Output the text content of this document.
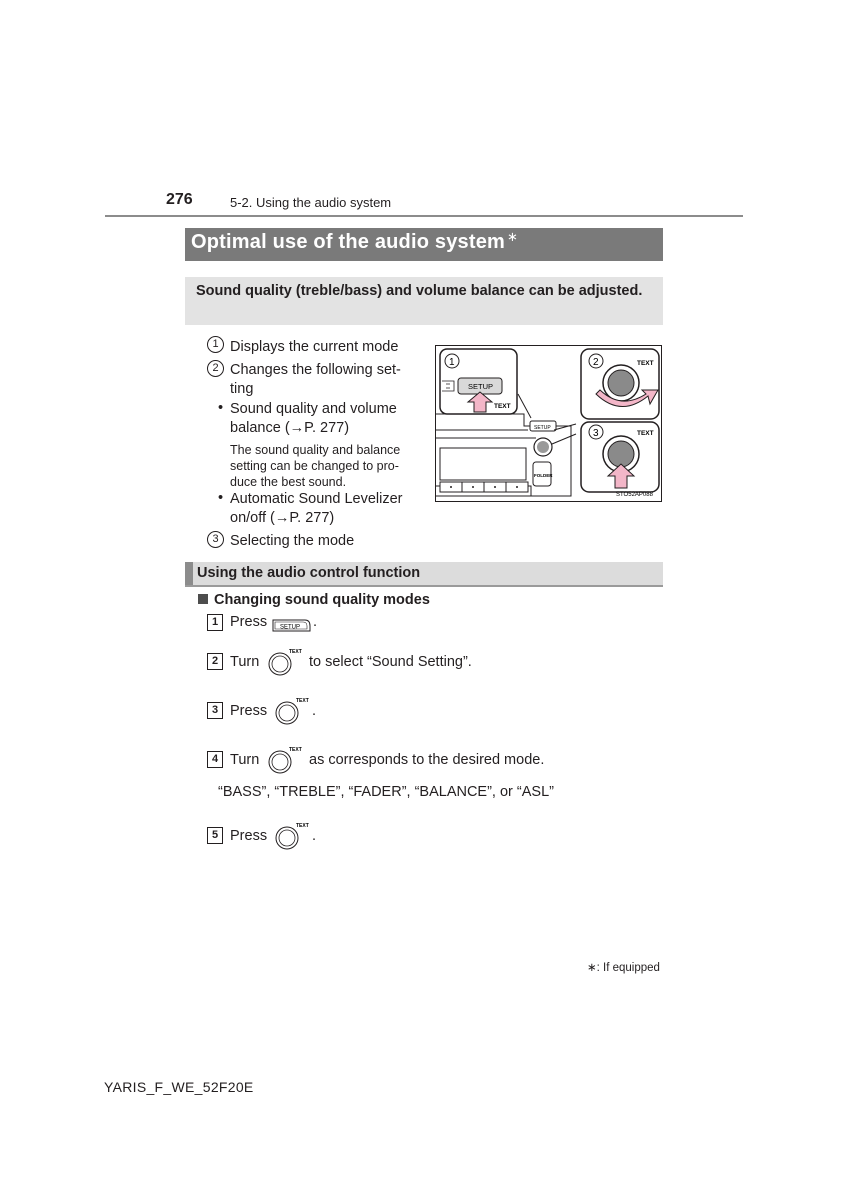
276	5-2. Using the audio system
Optimal use of the audio system ∗
Sound quality (treble/bass) and volume balance can be adjusted.
1 Displays the current mode
2 Changes the following set-
ting
• Sound quality and volume
balance (→P. 277)
The sound quality and balance
setting can be changed to pro-
duce the best sound.
• Automatic Sound Levelizer
on/off (→P. 277)
3 Selecting the mode
SETUP
FOLDER
1
SETUP
TEXT
2	TEXT
3	TEXT
STO52AP088
Using the audio control function
Changing sound quality modes
1 Press SETUP .
2 Turn
TEXT
to select “Sound Setting”.
3 Press
TEXT
.
4 Turn
TEXT
as corresponds to the desired mode.
“BASS”, “TREBLE”, “FADER”, “BALANCE”, or “ASL”
5 Press
TEXT
.
∗: If equipped
YARIS_F_WE_52F20E
